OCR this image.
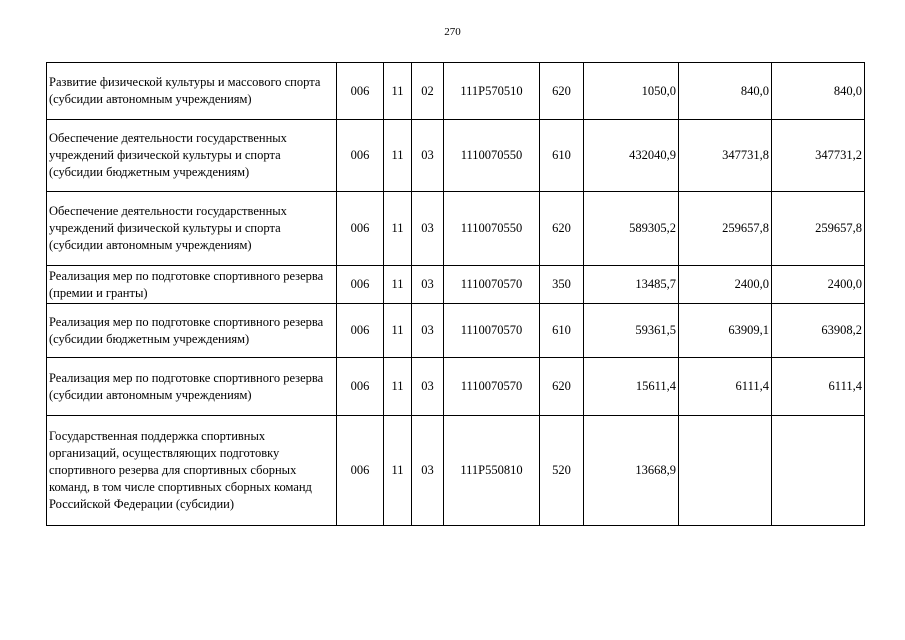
270
Развитие физической культуры и массового спорта (субсидии автономным учреждениям)	006	11	02	111Р570510	620	1050,0	840,0	840,0
Обеспечение деятельности государственных учреждений физической культуры и спорта (субсидии бюджетным учреждениям)	006	11	03	1110070550	610	432040,9	347731,8	347731,2
Обеспечение деятельности государственных учреждений физической культуры и спорта (субсидии автономным учреждениям)	006	11	03	1110070550	620	589305,2	259657,8	259657,8
Реализация мер по подготовке спортивного резерва (премии и гранты)	006	11	03	1110070570	350	13485,7	2400,0	2400,0
Реализация мер по подготовке спортивного резерва (субсидии бюджетным учреждениям)	006	11	03	1110070570	610	59361,5	63909,1	63908,2
Реализация мер по подготовке спортивного резерва (субсидии автономным учреждениям)	006	11	03	1110070570	620	15611,4	6111,4	6111,4
Государственная поддержка спортивных организаций, осуществляющих подготовку спортивного резерва для спортивных сборных команд, в том числе спортивных сборных команд Российской Федерации (субсидии)	006	11	03	111Р550810	520	13668,9		
